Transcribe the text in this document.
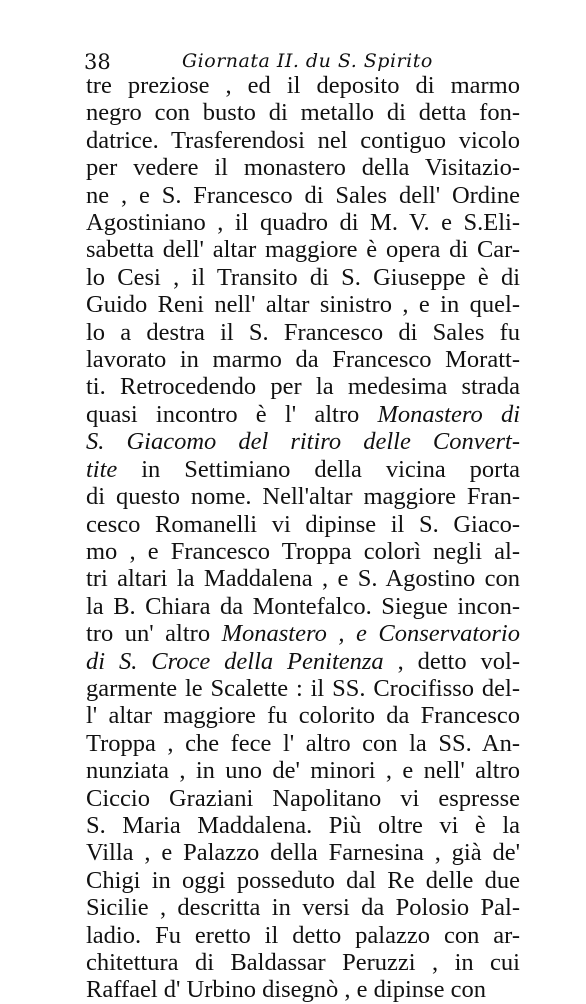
38	Giornata II. du S. Spirito
tre preziose , ed il deposito di marmo
negro con busto di metallo di detta fon-
datrice. Trasferendosi nel contiguo vicolo
per vedere il monastero della Visitazio-
ne , e S. Francesco di Sales dell' Ordine
Agostiniano , il quadro di M. V. e S.Eli-
sabetta dell' altar maggiore è opera di Car-
lo Cesi , il Transito di S. Giuseppe è di
Guido Reni nell' altar sinistro , e in quel-
lo a destra il S. Francesco di Sales fu
lavorato in marmo da Francesco Moratt-
ti. Retrocedendo per la medesima strada
quasi incontro è l' altro Monastero di
S. Giacomo del ritiro delle Convert-
tite in Settimiano della vicina porta
di questo nome. Nell'altar maggiore Fran-
cesco Romanelli vi dipinse il S. Giaco-
mo , e Francesco Troppa colorì negli al-
tri altari la Maddalena , e S. Agostino con
la B. Chiara da Montefalco. Siegue incon-
tro un' altro Monastero , e Conservatorio
di S. Croce della Penitenza , detto vol-
garmente le Scalette : il SS. Crocifisso del-
l' altar maggiore fu colorito da Francesco
Troppa , che fece l' altro con la SS. An-
nunziata , in uno de' minori , e nell' altro
Ciccio Graziani Napolitano vi espresse
S. Maria Maddalena. Più oltre vi è la
Villa , e Palazzo della Farnesina , già de'
Chigi in oggi posseduto dal Re delle due
Sicilie , descritta in versi da Polosio Pal-
ladio. Fu eretto il detto palazzo con ar-
chitettura di Baldassar Peruzzi , in cui
Raffael d' Urbino disegnò , e dipinse con
